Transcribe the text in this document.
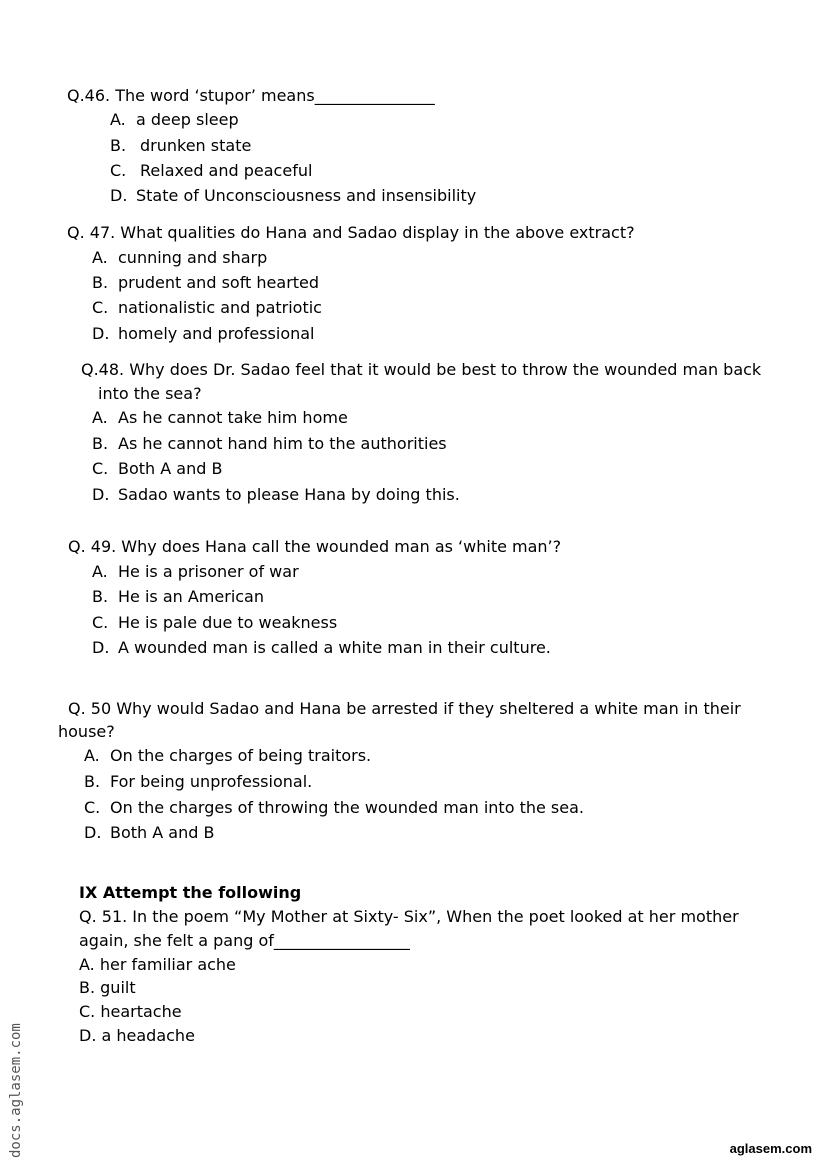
Q.46. The word ‘stupor’ means_______________
A. a deep sleep
B. drunken state
C. Relaxed and peaceful
D. State of Unconsciousness and insensibility
Q. 47. What qualities do Hana and Sadao display in the above extract?
A. cunning and sharp
B. prudent and soft hearted
C. nationalistic and patriotic
D. homely and professional
Q.48. Why does Dr. Sadao feel that it would be best to throw the wounded man back
into the sea?
A. As he cannot take him home
B. As he cannot hand him to the authorities
C. Both A and B
D. Sadao wants to please Hana by doing this.
Q. 49. Why does Hana call the wounded man as ‘white man’?
A. He is a prisoner of war
B. He is an American
C. He is pale due to weakness
D. A wounded man is called a white man in their culture.
Q. 50 Why would Sadao and Hana be arrested if they sheltered a white man in their
house?
A. On the charges of being traitors.
B. For being unprofessional.
C. On the charges of throwing the wounded man into the sea.
D. Both A and B
IX Attempt the following
Q. 51. In the poem “My Mother at Sixty- Six”, When the poet looked at her mother
again, she felt a pang of_________________
A. her familiar ache
B. guilt
C. heartache
D. a headache
docs.aglasem.com	aglasem.com
